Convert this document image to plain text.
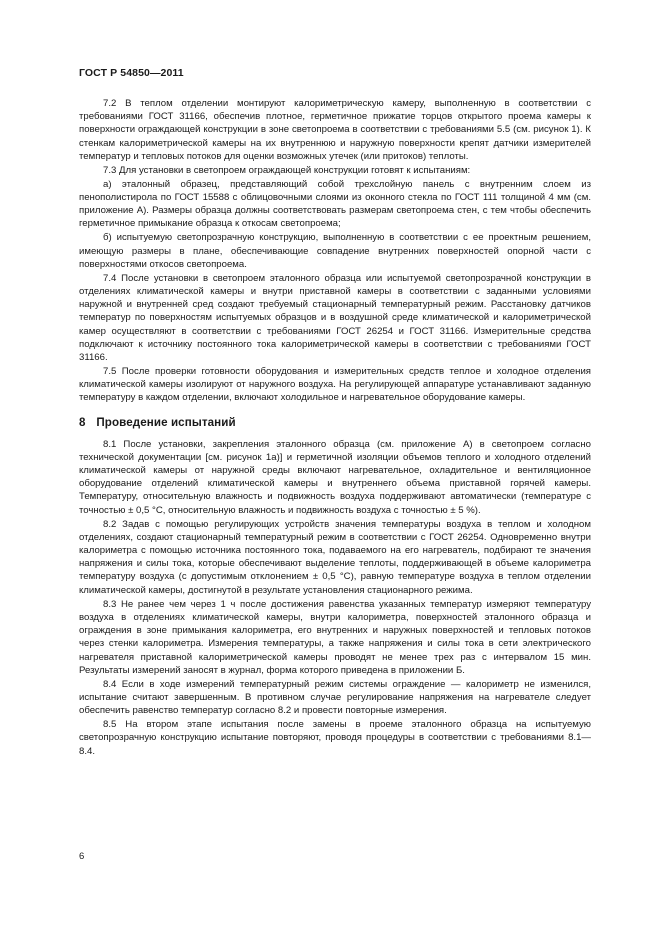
ГОСТ Р 54850—2011

7.2 В теплом отделении монтируют калориметрическую камеру, выполненную в соответствии с требованиями ГОСТ 31166, обеспечив плотное, герметичное прижатие торцов открытого проема камеры к поверхности ограждающей конструкции в зоне светопроема в соответствии с требованиями 5.5 (см. рисунок 1). К стенкам калориметрической камеры на их внутреннюю и наружную поверхности крепят датчики измерителей температур и тепловых потоков для оценки возможных утечек (или притоков) теплоты.

7.3 Для установки в светопроем ограждающей конструкции готовят к испытаниям:

а) эталонный образец, представляющий собой трехслойную панель с внутренним слоем из пенополистирола по ГОСТ 15588 с облицовочными слоями из оконного стекла по ГОСТ 111 толщиной 4 мм (см. приложение А). Размеры образца должны соответствовать размерам светопроема стен, с тем чтобы обеспечить герметичное примыкание образца к откосам светопроема;

б) испытуемую светопрозрачную конструкцию, выполненную в соответствии с ее проектным решением, имеющую размеры в плане, обеспечивающие совпадение внутренних поверхностей опорной части с поверхностями откосов светопроема.

7.4 После установки в светопроем эталонного образца или испытуемой светопрозрачной конструкции в отделениях климатической камеры и внутри приставной камеры в соответствии с заданными условиями наружной и внутренней сред создают требуемый стационарный температурный режим. Расстановку датчиков температур по поверхностям испытуемых образцов и в воздушной среде климатической и калориметрической камер осуществляют в соответствии с требованиями ГОСТ 26254 и ГОСТ 31166. Измерительные средства подключают к источнику постоянного тока калориметрической камеры в соответствии с требованиями ГОСТ 31166.

7.5 После проверки готовности оборудования и измерительных средств теплое и холодное отделения климатической камеры изолируют от наружного воздуха. На регулирующей аппаратуре устанавливают заданную температуру в каждом отделении, включают холодильное и нагревательное оборудование камеры.

8 Проведение испытаний

8.1 После установки, закрепления эталонного образца (см. приложение А) в светопроем согласно технической документации [см. рисунок 1а)] и герметичной изоляции объемов теплого и холодного отделений климатической камеры от наружной среды включают нагревательное, охладительное и вентиляционное оборудование отделений климатической камеры и внутреннего объема приставной горячей камеры. Температуру, относительную влажность и подвижность воздуха поддерживают автоматически (температуре с точностью ± 0,5 °С, относительную влажность и подвижность воздуха с точностью ± 5 %).

8.2 Задав с помощью регулирующих устройств значения температуры воздуха в теплом и холодном отделениях, создают стационарный температурный режим в соответствии с ГОСТ 26254. Одновременно внутри калориметра с помощью источника постоянного тока, подаваемого на его нагреватель, подбирают те значения напряжения и силы тока, которые обеспечивают выделение теплоты, поддерживающей в объеме калориметра температуру воздуха (с допустимым отклонением ± 0,5 °С), равную температуре воздуха в теплом отделении климатической камеры, достигнутой в результате установления стационарного режима.

8.3 Не ранее чем через 1 ч после достижения равенства указанных температур измеряют температуру воздуха в отделениях климатической камеры, внутри калориметра, поверхностей эталонного образца и ограждения в зоне примыкания калориметра, его внутренних и наружных поверхностей и тепловых потоков через стенки калориметра. Измерения температуры, а также напряжения и силы тока в сети электрического нагревателя приставной калориметрической камеры проводят не менее трех раз с интервалом 15 мин. Результаты измерений заносят в журнал, форма которого приведена в приложении Б.

8.4 Если в ходе измерений температурный режим системы ограждение — калориметр не изменился, испытание считают завершенным. В противном случае регулирование напряжения на нагревателе следует обеспечить равенство температур согласно 8.2 и провести повторные измерения.

8.5 На втором этапе испытания после замены в проеме эталонного образца на испытуемую светопрозрачную конструкцию испытание повторяют, проводя процедуры в соответствии с требованиями 8.1—8.4.

6
